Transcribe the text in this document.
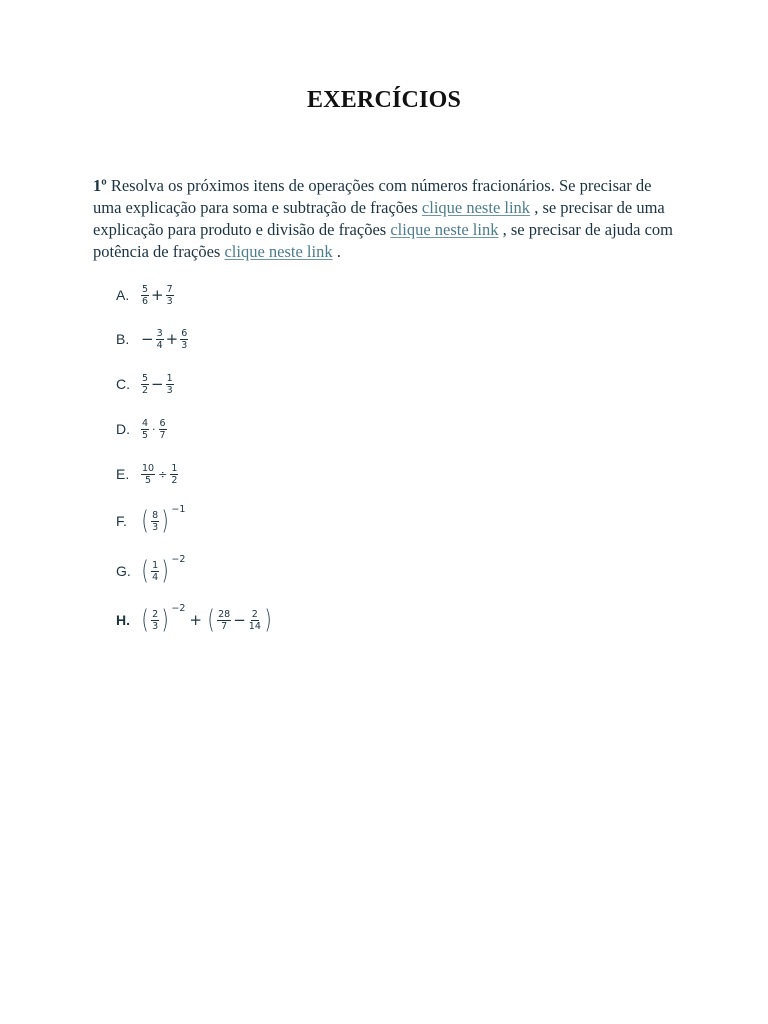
EXERCÍCIOS
1º Resolva os próximos itens de operações com números fracionários. Se precisar de uma explicação para soma e subtração de frações clique neste link , se precisar de uma explicação para produto e divisão de frações clique neste link , se precisar de ajuda com potência de frações clique neste link .
A.	$\frac{5}{6} + \frac{7}{3}$
B. − $\frac{3}{4} + \frac{6}{3}$
C.	$\frac{5}{2} - \frac{1}{3}$
D.	$\frac{4}{5} \cdot \frac{6}{7}$
E.	$\frac{10}{5} \div \frac{1}{2}$
F. ( $\frac{8}{3}$ ) −1
G. ( $\frac{1}{4}$ ) −2
H. ( $\frac{2}{3}$ ) −2
+ ( $\frac{28}{7} - \frac{2}{14}$ )
